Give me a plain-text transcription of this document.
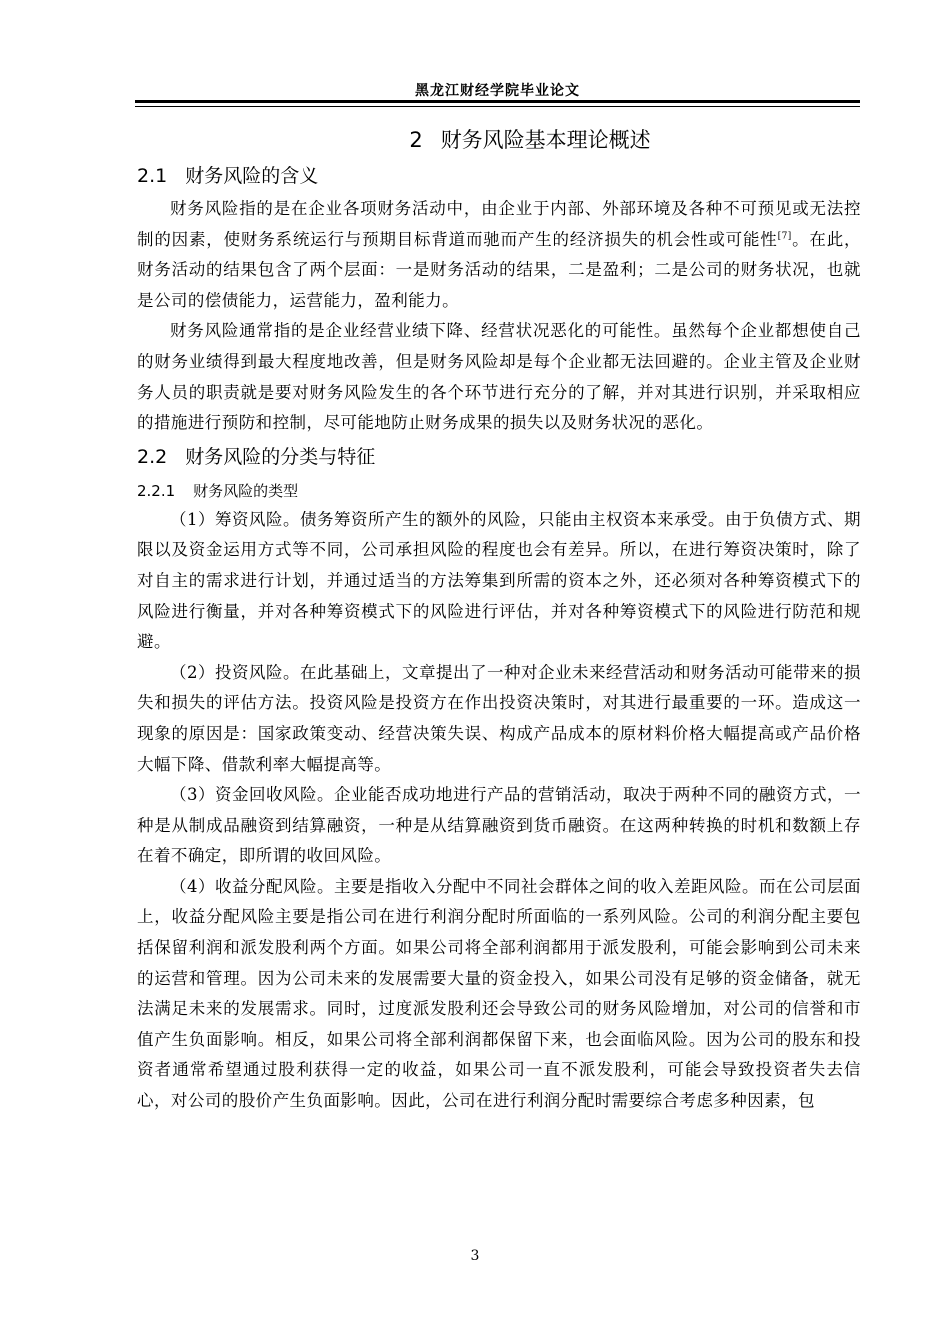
黑龙江财经学院毕业论文
2 财务风险基本理论概述
2.1 财务风险的含义

财务风险指的是在企业各项财务活动中，由企业于内部、外部环境及各种不可预见或无法控制的因素，使财务系统运行与预期目标背道而驰而产生的经济损失的机会性或可能性[7]。在此，财务活动的结果包含了两个层面：一是财务活动的结果，二是盈利；二是公司的财务状况，也就是公司的偿债能力，运营能力，盈利能力。

财务风险通常指的是企业经营业绩下降、经营状况恶化的可能性。虽然每个企业都想使自己的财务业绩得到最大程度地改善，但是财务风险却是每个企业都无法回避的。企业主管及企业财务人员的职责就是要对财务风险发生的各个环节进行充分的了解，并对其进行识别，并采取相应的措施进行预防和控制，尽可能地防止财务成果的损失以及财务状况的恶化。

2.2 财务风险的分类与特征
2.2.1 财务风险的类型

（1）筹资风险。债务筹资所产生的额外的风险，只能由主权资本来承受。由于负债方式、期限以及资金运用方式等不同，公司承担风险的程度也会有差异。所以，在进行筹资决策时，除了对自主的需求进行计划，并通过适当的方法筹集到所需的资本之外，还必须对各种筹资模式下的风险进行衡量，并对各种筹资模式下的风险进行评估，并对各种筹资模式下的风险进行防范和规避。

（2）投资风险。在此基础上，文章提出了一种对企业未来经营活动和财务活动可能带来的损失和损失的评估方法。投资风险是投资方在作出投资决策时，对其进行最重要的一环。造成这一现象的原因是：国家政策变动、经营决策失误、构成产品成本的原材料价格大幅提高或产品价格大幅下降、借款利率大幅提高等。

（3）资金回收风险。企业能否成功地进行产品的营销活动，取决于两种不同的融资方式，一种是从制成品融资到结算融资，一种是从结算融资到货币融资。在这两种转换的时机和数额上存在着不确定，即所谓的收回风险。

（4）收益分配风险。主要是指收入分配中不同社会群体之间的收入差距风险。而在公司层面上，收益分配风险主要是指公司在进行利润分配时所面临的一系列风险。公司的利润分配主要包括保留利润和派发股利两个方面。如果公司将全部利润都用于派发股利，可能会影响到公司未来的运营和管理。因为公司未来的发展需要大量的资金投入，如果公司没有足够的资金储备，就无法满足未来的发展需求。同时，过度派发股利还会导致公司的财务风险增加，对公司的信誉和市值产生负面影响。相反，如果公司将全部利润都保留下来，也会面临风险。因为公司的股东和投资者通常希望通过股利获得一定的收益，如果公司一直不派发股利，可能会导致投资者失去信心，对公司的股价产生负面影响。因此，公司在进行利润分配时需要综合考虑多种因素，包

3
